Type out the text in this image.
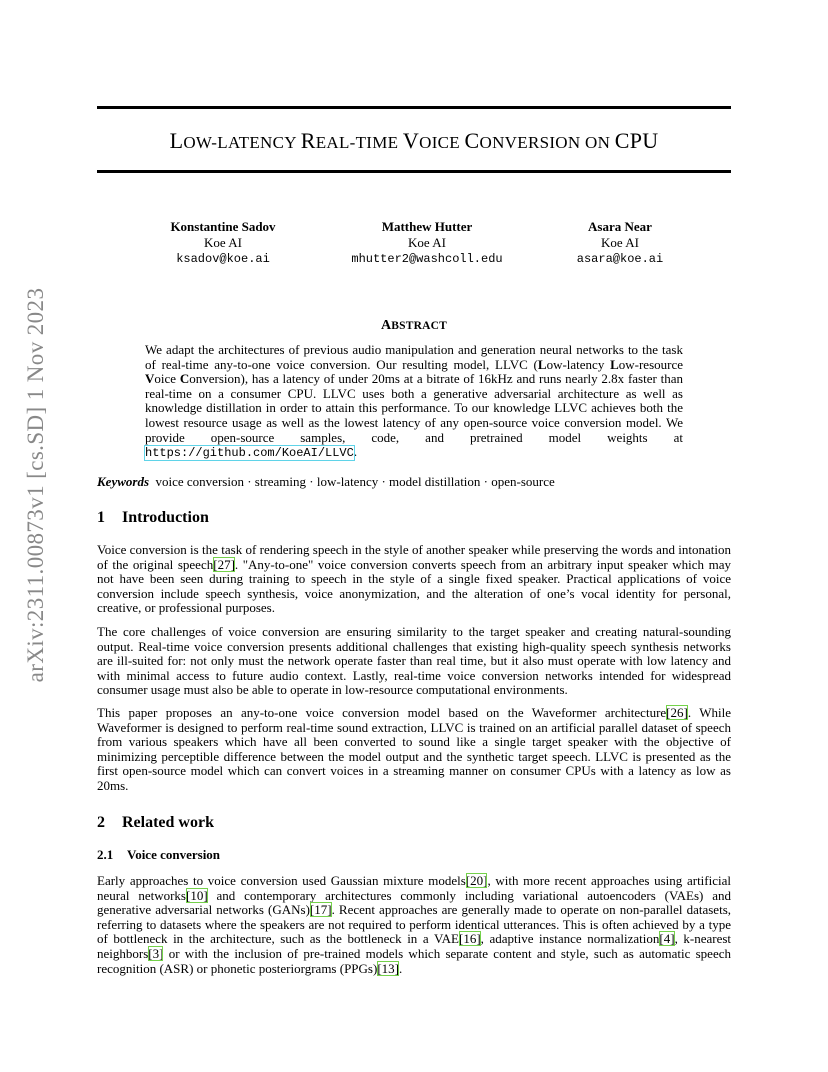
arXiv:2311.00873v1 [cs.SD] 1 Nov 2023
LOW-LATENCY REAL-TIME VOICE CONVERSION ON CPU
Konstantine Sadov
Koe AI
ksadov@koe.ai
Matthew Hutter
Koe AI
mhutter2@washcoll.edu
Asara Near
Koe AI
asara@koe.ai
ABSTRACT
We adapt the architectures of previous audio manipulation and generation neural networks to the task of real-time any-to-one voice conversion. Our resulting model, LLVC (Low-latency Low-resource Voice Conversion), has a latency of under 20ms at a bitrate of 16kHz and runs nearly 2.8x faster than real-time on a consumer CPU. LLVC uses both a generative adversarial architecture as well as knowledge distillation in order to attain this performance. To our knowledge LLVC achieves both the lowest resource usage as well as the lowest latency of any open-source voice conversion model. We provide open-source samples, code, and pretrained model weights at https://github.com/KoeAI/LLVC.
Keywords voice conversion · streaming · low-latency · model distillation · open-source
1 Introduction
Voice conversion is the task of rendering speech in the style of another speaker while preserving the words and intonation of the original speech[27]. "Any-to-one" voice conversion converts speech from an arbitrary input speaker which may not have been seen during training to speech in the style of a single fixed speaker. Practical applications of voice conversion include speech synthesis, voice anonymization, and the alteration of one’s vocal identity for personal, creative, or professional purposes.
The core challenges of voice conversion are ensuring similarity to the target speaker and creating natural-sounding output. Real-time voice conversion presents additional challenges that existing high-quality speech synthesis networks are ill-suited for: not only must the network operate faster than real time, but it also must operate with low latency and with minimal access to future audio context. Lastly, real-time voice conversion networks intended for widespread consumer usage must also be able to operate in low-resource computational environments.
This paper proposes an any-to-one voice conversion model based on the Waveformer architecture[26]. While Waveformer is designed to perform real-time sound extraction, LLVC is trained on an artificial parallel dataset of speech from various speakers which have all been converted to sound like a single target speaker with the objective of minimizing perceptible difference between the model output and the synthetic target speech. LLVC is presented as the first open-source model which can convert voices in a streaming manner on consumer CPUs with a latency as low as 20ms.
2 Related work
2.1 Voice conversion
Early approaches to voice conversion used Gaussian mixture models[20], with more recent approaches using artificial neural networks[10] and contemporary architectures commonly including variational autoencoders (VAEs) and generative adversarial networks (GANs)[17]. Recent approaches are generally made to operate on non-parallel datasets, referring to datasets where the speakers are not required to perform identical utterances. This is often achieved by a type of bottleneck in the architecture, such as the bottleneck in a VAE[16], adaptive instance normalization[4], k-nearest neighbors[3] or with the inclusion of pre-trained models which separate content and style, such as automatic speech recognition (ASR) or phonetic posteriorgrams (PPGs)[13].
